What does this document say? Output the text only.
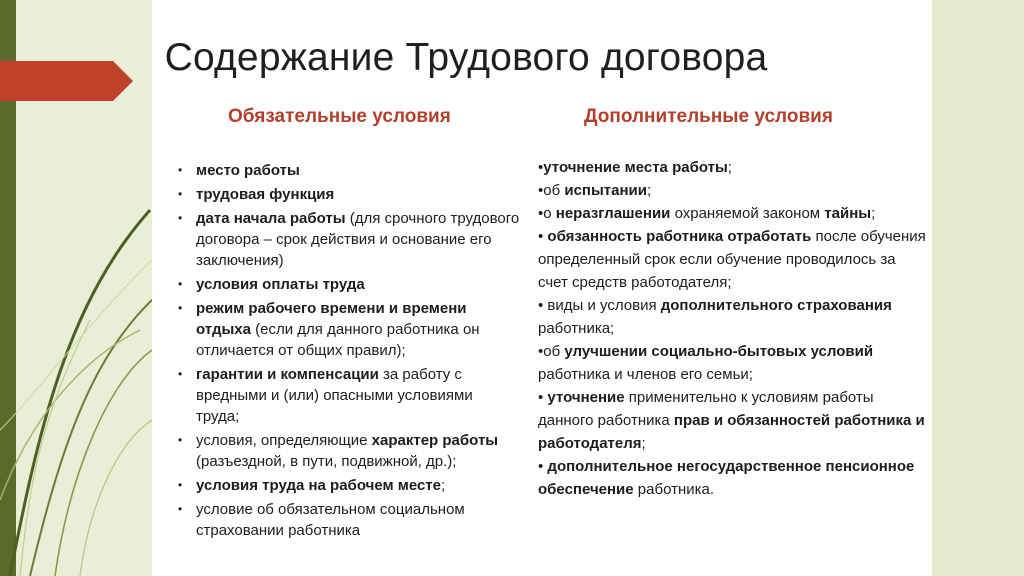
Содержание Трудового договора
Обязательные условия	Дополнительные условия
• место работы
• трудовая функция
• дата начала работы (для срочного трудового договора – срок действия и основание его заключения)
• условия оплаты труда
• режим рабочего времени и времени отдыха (если для данного работника он отличается от общих правил);
• гарантии и компенсации за работу с вредными и (или) опасными условиями труда;
• условия, определяющие характер работы (разъездной, в пути, подвижной, др.);
• условия труда на рабочем месте;
• условие об обязательном социальном страховании работника

•уточнение места работы;

•об испытании;

•о неразглашении охраняемой законом тайны;

• обязанность работника отработать после обучения определенный срок если обучение проводилось за счет средств работодателя;

• виды и условия дополнительного страхования работника;

•об улучшении социально-бытовых условий работника и членов его семьи;

• уточнение применительно к условиям работы данного работника прав и обязанностей работника и работодателя;

• дополнительное негосударственное пенсионное обеспечение работника.
